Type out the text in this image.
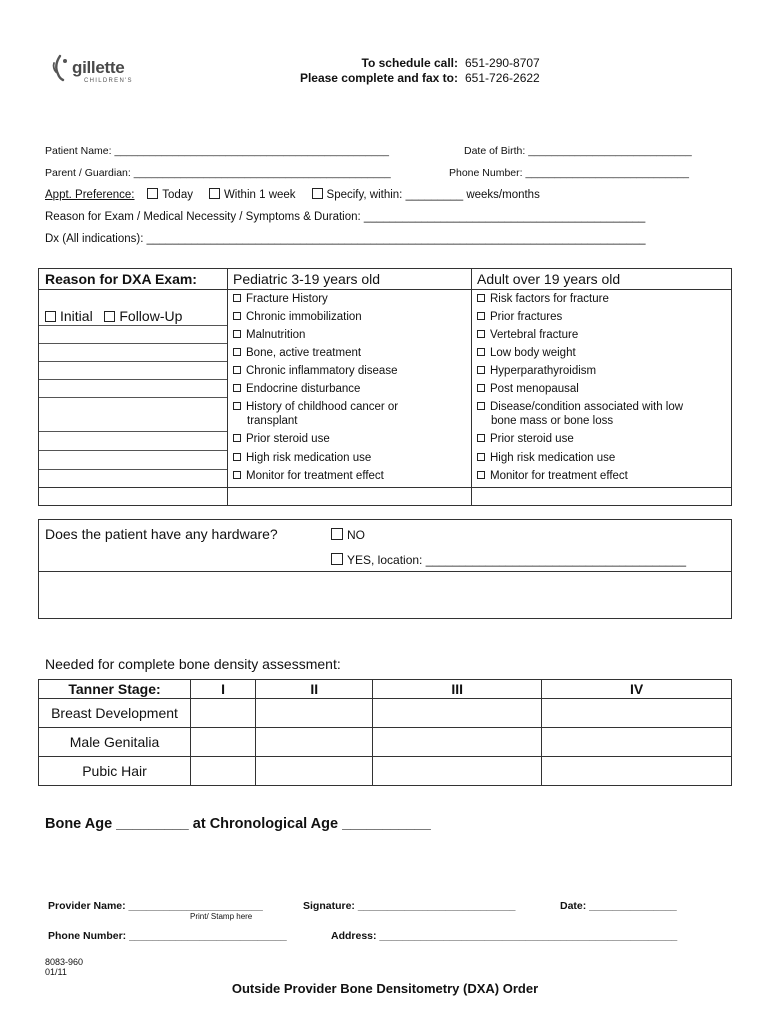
gillette
CHILDREN'S
To schedule call: 651-290-8707
Please complete and fax to: 651-726-2622
Patient Name: _______________________________________________	Date of Birth: ____________________________
Parent / Guardian: ____________________________________________	Phone Number: ____________________________
Appt. Preference: Today	Within 1 week	Specify, within: _________ weeks/months
Reason for Exam / Medical Necessity / Symptoms & Duration: ____________________________________________
Dx (All indications): ______________________________________________________________________________
Reason for DXA Exam:	Pediatric 3-19 years old	Adult over 19 years old
Initial Follow-Up
Fracture History
Chronic immobilization
Malnutrition
Bone, active treatment
Chronic inflammatory disease
Endocrine disturbance
History of childhood cancer or
transplant
Prior steroid use
High risk medication use
Monitor for treatment effect
Risk factors for fracture
Prior fractures
Vertebral fracture
Low body weight
Hyperparathyroidism
Post menopausal
Disease/condition associated with low
bone mass or bone loss
Prior steroid use
High risk medication use
Monitor for treatment effect
Does the patient have any hardware?	NO
YES, location: _______________________________________
Needed for complete bone density assessment:
Tanner Stage:	I	II	III	IV
Breast Development				
Male Genitalia				
Pubic Hair				
Bone Age _________ at Chronological Age ___________
Provider Name: _______________________
Print/ Stamp here
Signature: ___________________________	Date: _______________
Phone Number: ___________________________	Address: ___________________________________________________
8083-960
01/11
Outside Provider Bone Densitometry (DXA) Order
